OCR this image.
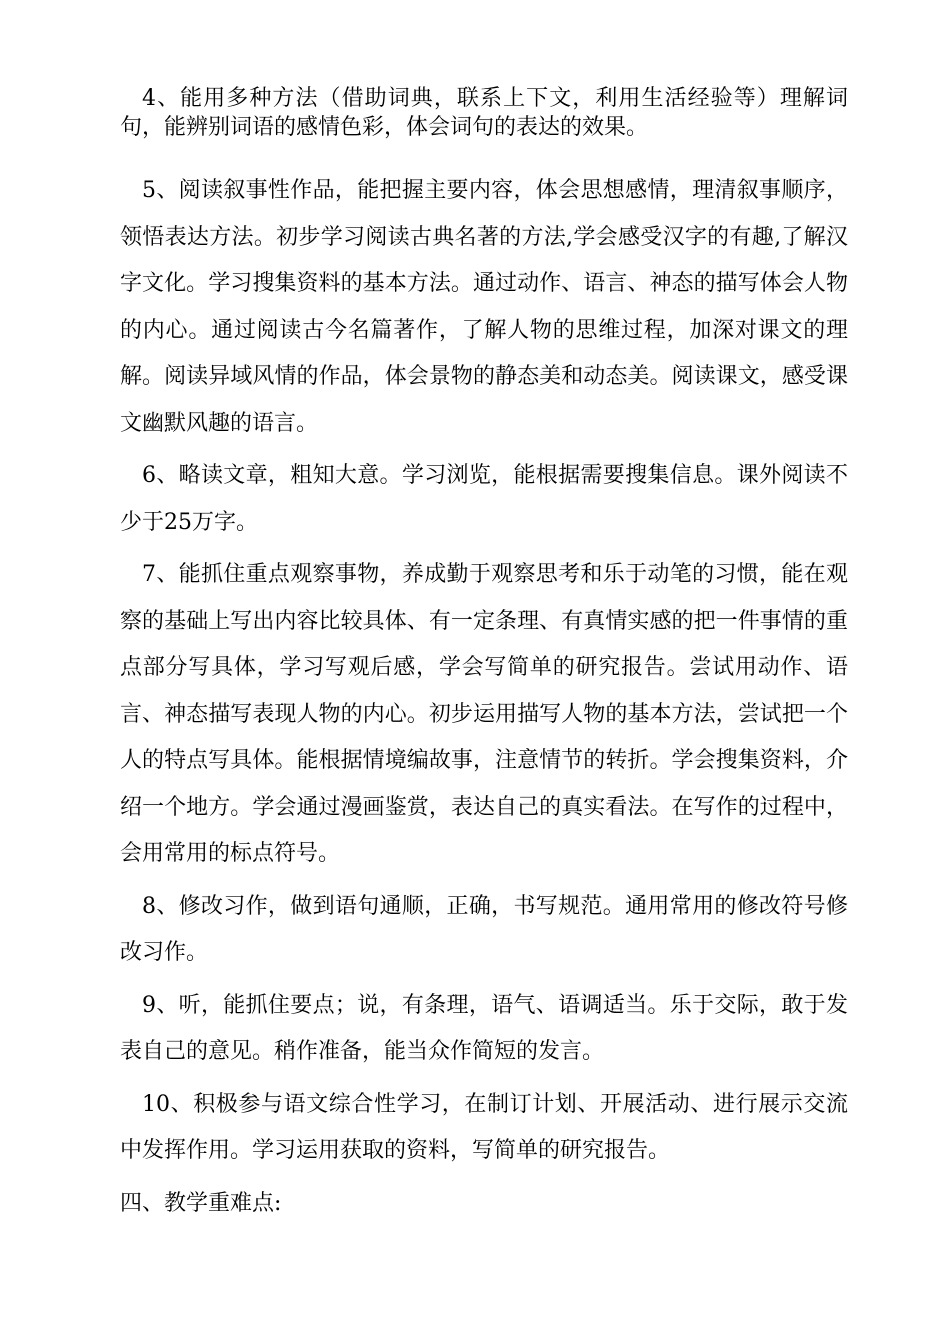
4、能用多种方法（借助词典，联系上下文，利用生活经验等）理解词句，能辨别词语的感情色彩，体会词句的表达的效果。

5、阅读叙事性作品，能把握主要内容，体会思想感情，理清叙事顺序，领悟表达方法。初步学习阅读古典名著的方法,学会感受汉字的有趣,了解汉字文化。学习搜集资料的基本方法。通过动作、语言、神态的描写体会人物的内心。通过阅读古今名篇著作，了解人物的思维过程，加深对课文的理解。阅读异域风情的作品，体会景物的静态美和动态美。阅读课文，感受课文幽默风趣的语言。

6、略读文章，粗知大意。学习浏览，能根据需要搜集信息。课外阅读不少于25万字。

7、能抓住重点观察事物，养成勤于观察思考和乐于动笔的习惯，能在观察的基础上写出内容比较具体、有一定条理、有真情实感的把一件事情的重点部分写具体，学习写观后感，学会写简单的研究报告。尝试用动作、语言、神态描写表现人物的内心。初步运用描写人物的基本方法，尝试把一个人的特点写具体。能根据情境编故事，注意情节的转折。学会搜集资料，介绍一个地方。学会通过漫画鉴赏，表达自己的真实看法。在写作的过程中，会用常用的标点符号。

8、修改习作，做到语句通顺，正确，书写规范。通用常用的修改符号修改习作。

9、听，能抓住要点；说，有条理，语气、语调适当。乐于交际，敢于发表自己的意见。稍作准备，能当众作简短的发言。

10、积极参与语文综合性学习，在制订计划、开展活动、进行展示交流中发挥作用。学习运用获取的资料，写简单的研究报告。

四、教学重难点:
